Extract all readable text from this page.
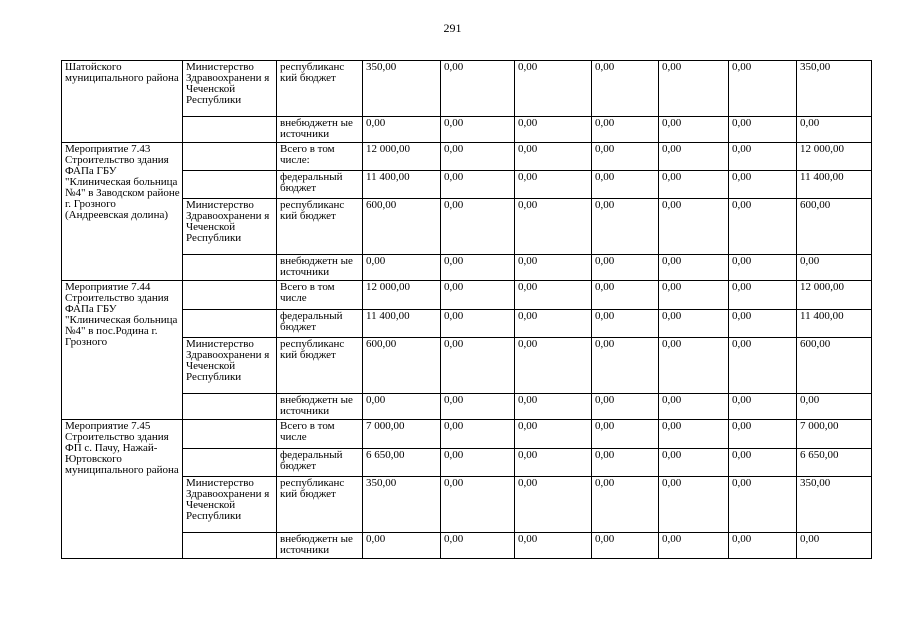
291
Шатойского муниципального района	Министерство Здравоохранени я Чеченской Республики	республиканс кий бюджет	350,00	0,00	0,00	0,00	0,00	0,00	350,00
		внебюджетн ые источники	0,00	0,00	0,00	0,00	0,00	0,00	0,00
Мероприятие 7.43 Строительство здания ФАПа ГБУ "Клиническая больница №4" в Заводском районе г. Грозного (Андреевская долина)		Всего в том числе:	12 000,00	0,00	0,00	0,00	0,00	0,00	12 000,00
		федеральный бюджет	11 400,00	0,00	0,00	0,00	0,00	0,00	11 400,00
	Министерство Здравоохранени я Чеченской Республики	республиканс кий бюджет	600,00	0,00	0,00	0,00	0,00	0,00	600,00
		внебюджетн ые источники	0,00	0,00	0,00	0,00	0,00	0,00	0,00
Мероприятие 7.44 Строительство здания ФАПа ГБУ "Клиническая больница №4" в пос.Родина г. Грозного		Всего в том числе	12 000,00	0,00	0,00	0,00	0,00	0,00	12 000,00
		федеральный бюджет	11 400,00	0,00	0,00	0,00	0,00	0,00	11 400,00
	Министерство Здравоохранени я Чеченской Республики	республиканс кий бюджет	600,00	0,00	0,00	0,00	0,00	0,00	600,00
		внебюджетн ые источники	0,00	0,00	0,00	0,00	0,00	0,00	0,00
Мероприятие 7.45 Строительство здания ФП с. Пачу, Нажай-Юртовского муниципального района		Всего в том числе	7 000,00	0,00	0,00	0,00	0,00	0,00	7 000,00
		федеральный бюджет	6 650,00	0,00	0,00	0,00	0,00	0,00	6 650,00
	Министерство Здравоохранени я Чеченской Республики	республиканс кий бюджет	350,00	0,00	0,00	0,00	0,00	0,00	350,00
		внебюджетн ые источники	0,00	0,00	0,00	0,00	0,00	0,00	0,00
